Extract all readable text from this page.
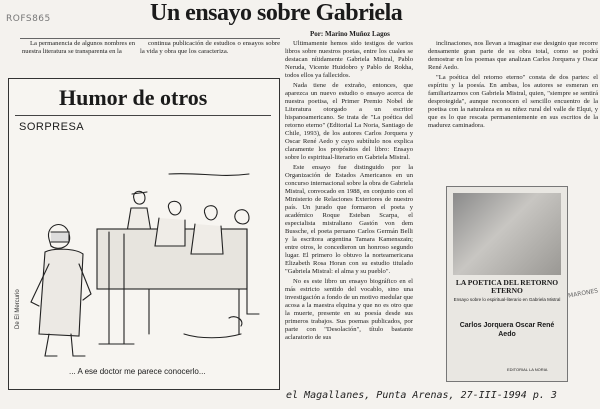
ROFS865	Un ensayo sobre Gabriela
Por: Marino Muñoz Lagos

La permanencia de algunos nombres en nuestra literatura se transparenta en la

continua publicación de estudios o ensayos sobre la vida y obra que los caracteriza.

Ultimamente hemos sido testigos de varios libros sobre nuestros poetas, entre los cuales se destacan nítidamente Gabriela Mistral, Pablo Neruda, Vicente Huidobro y Pablo de Rokha, todos ellos ya fallecidos.

Nada tiene de extraño, entonces, que aparezca un nuevo estudio o ensayo acerca de nuestra poetisa, el Primer Premio Nobel de Literatura otorgado a un escritor hispanoamericano. Se trata de "La poética del retorno eterno" (Editorial La Noria, Santiago de Chile, 1993), de los autores Carlos Jorquera y Oscar René Aedo y cuyo subtítulo nos explica claramente los propósitos del libro: Ensayo sobre lo espiritual-literario en Gabriela Mistral.

Este ensayo fue distinguido por la Organización de Estados Americanos en un concurso internacional sobre la obra de Gabriela Mistral, convocado en 1988, en conjunto con el Ministerio de Relaciones Exteriores de nuestro país. Un jurado que formaron el poeta y académico Roque Esteban Scarpa, el especialista mistraliano Gastón von dem Bussche, el poeta peruano Carlos Germán Belli y la escritora argentina Tamara Kamenszain; entre otros, le concedieron un honroso segundo lugar. El primero lo obtuvo la norteamericana Elizabeth Rosa Horan con su estudio titulado "Gabriela Mistral: el alma y su pueblo".

No es este libro un ensayo biográfico en el más estricto sentido del vocablo, sino una investigación a fondo de un motivo medular que acosa a la maestra elquina y que no es otro que la muerte, presente en su poesía desde sus primeros trabajos. Sus poemas publicados, por parte con "Desolación", título bastante aclaratorio de sus

inclinaciones, nos llevan a imaginar ese designio que recorre densamente gran parte de su obra total, como se podrá demostrar en los poemas que analizan Carlos Jorquera y Oscar René Aedo.

"La poética del retorno eterno" consta de dos partes: el espíritu y la poesía. En ambas, los autores se esmeran en familiarizarnos con Gabriela Mistral, quien, "siempre se sentirá desprotegida", aunque reconocen el sencillo encuentro de la poetisa con la naturaleza en su niñez rural del valle de Elqui, y que es lo que rescata permanentemente en sus escritos de la madurez caminadora.

Humor de otros
SORPRESA
De El Mercurio
... A ese doctor me parece conocerlo...
LA POETICA DEL RETORNO ETERNO
Ensayo sobre lo espiritual-literario en Gabriela Mistral
Carlos Jorquera Oscar René Aedo
EDITORIAL LA NORIA
MARONES
el Magallanes, Punta Arenas, 27-III-1994 p. 3
